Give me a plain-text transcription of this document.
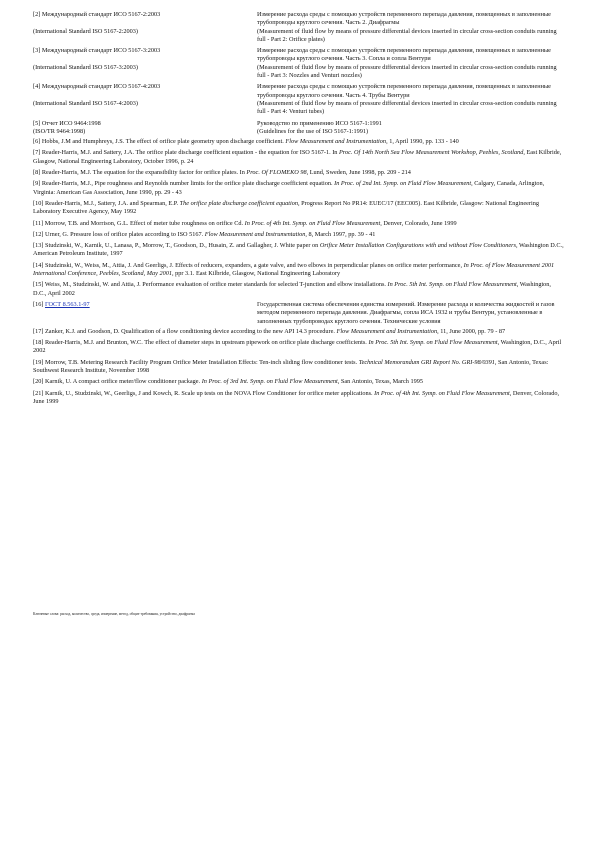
[2] Международный стандарт ИСО 5167-2:2003	Измерение расхода среды с помощью устройств переменного перепада давления, помещенных в заполненные трубопроводы круглого сечения. Часть 2. Диафрагмы
(International Standard ISO 5167-2:2003)	(Measurement of fluid flow by means of pressure differential devices inserted in circular cross-section conduits running full - Part 2: Orifice plates)
[3] Международный стандарт ИСО 5167-3:2003	Измерение расхода среды с помощью устройств переменного перепада давления, помещенных в заполненные трубопроводы круглого сечения. Часть 3. Сопла и сопла Вентури
(International Standard ISO 5167-3:2003)	(Measurement of fluid flow by means of pressure differential devices inserted in circular cross-section conduits running full - Part 3: Nozzles and Venturi nozzles)
[4] Международный стандарт ИСО 5167-4:2003	Измерение расхода среды с помощью устройств переменного перепада давления, помещенных в заполненные трубопроводы круглого сечения. Часть 4. Трубы Вентури
(International Standard ISO 5167-4:2003)	(Measurement of fluid flow by means of pressure differential devices inserted in circular cross-section conduits running full - Part 4: Venturi tubes)
[5] Отчет ИСО 9464:1998	Руководство по применению ИСО 5167-1:1991
(ISO/TR 9464:1998)	(Guidelines for the use of ISO 5167-1:1991)
[6] Hobbs, J.M and Humphreys, J.S. The effect of orifice plate geometry upon discharge coefficient. Flow Measurement and Instrumentation, 1, April 1990, pp. 133 - 140
[7] Reader-Harris, M.J. and Sattery, J.A. The orifice plate discharge coefficient equation - the equation for ISO 5167-1. In Proc. Of 14th North Sea Flow Measurement Workshop, Peebles, Scotland, East Kilbride, Glasgow, National Engineering Laboratory, October 1996, p. 24
[8] Reader-Harris, M.J. The equation for the expansibility factor for orifice plates. In Proc. Of FLOMEKO 98, Lund, Sweden, June 1998, pp. 209 - 214
[9] Reader-Harris, M.J., Pipe roughness and Reynolds number limits for the orifice plate discharge coefficient equation. In Proc. of 2nd Int. Symp. on Fluid Flow Measurement, Calgary, Canada, Arlington, Virginia: American Gas Association, June 1990, pp. 29 - 43
[10] Reader-Harris, M.J., Sattery, J.A. and Spearman, E.P. The orifice plate discharge coefficient equation, Progress Report No PR14: EUEC/17 (EEC005). East Kilbride, Glasgow: National Engineering Laboratory Executive Agency, May 1992
[11] Morrow, T.B. and Morrison, G.L. Effect of meter tube roughness on orifice Cd. In Proc. of 4th Int. Symp. on Fluid Flow Measurement, Denver, Colorado, June 1999
[12] Urner, G. Pressure loss of orifice plates according to ISO 5167. Flow Measurement and Instrumentation, 8, March 1997, pp. 39 - 41
[13] Studzinski, W., Karnik, U., Lanasa, P., Morrow, T., Goodson, D., Husain, Z. and Gallagher, J. White paper on Orifice Meter Installation Configurations with and without Flow Conditioners, Washington D.C., American Petroleum Institute, 1997
[14] Studzinski, W., Weiss, M., Attia, J. And Geerligs, J. Effects of reducers, expanders, a gate valve, and two elbows in perpendicular planes on orifice meter performance, In Proc. of Flow Measurement 2001 International Conference, Peebles, Scotland, May 2001, ppr 3.1. East Kilbride, Glasgow, National Engineering Laboratory
[15] Weiss, M., Studzinski, W. and Attia, J. Performance evaluation of orifice meter standards for selected T-junction and elbow installations. In Proc. 5th Int. Symp. on Fluid Flow Measurement, Washington, D.C., April 2002
[16] ГОСТ 8.563.1-97	Государственная система обеспечения единства измерений. Измерение расхода и количества жидкостей и газов методом переменного перепада давления. Диафрагмы, сопла ИСА 1932 и трубы Вентури, установленные в заполненных трубопроводах круглого сечения. Технические условия
[17] Zanker, K.J. and Goodson, D. Qualification of a flow conditioning device according to the new API 14.3 procedure. Flow Measurement and Instrumentation, 11, June 2000, pp. 79 - 87
[18] Reader-Harris, M.J. and Brunton, W.C. The effect of diameter steps in upstream pipework on orifice plate discharge coefficients. In Proc. 5th Int. Symp. on Fluid Flow Measurement, Washington, D.C., April 2002
[19] Morrow, T.B. Metering Research Facility Program Orifice Meter Installation Effects: Ten-inch sliding flow conditioner tests. Technical Memorandum GRI Report No. GRI-98/0391, San Antonio, Texas: Southwest Research Institute, November 1998
[20] Karnik, U. A compact orifice meter/flow conditioner package. In Proc. of 3rd Int. Symp. on Fluid Flow Measurement, San Antonio, Texas, March 1995
[21] Karnik, U., Studzinski, W., Geerligs, J and Kowch, R. Scale up tests on the NOVA Flow Conditioner for orifice meter applications. In Proc. of 4th Int. Symp. on Fluid Flow Measurement, Denver, Colorado, June 1999
Ключевые слова: расход, количество, среда, измерение, метод, общие требования, устройство, диафрагма
